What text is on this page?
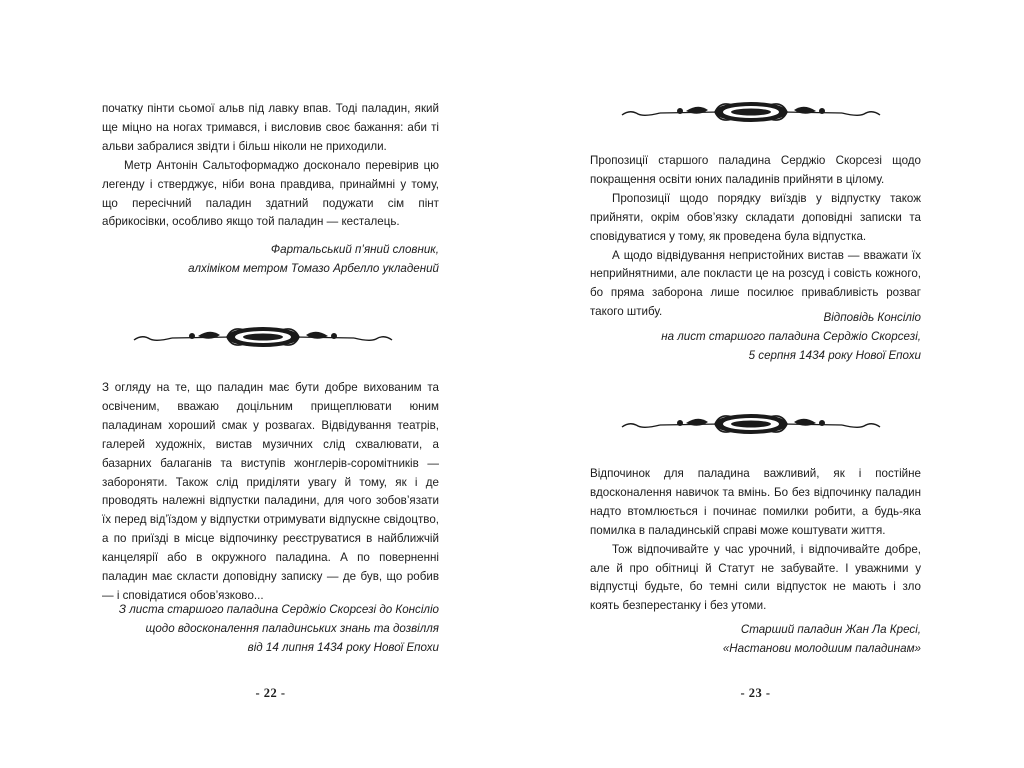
початку пінти сьомої альв під лавку впав. Тоді паладин, який ще міцно на ногах тримався, і висловив своє бажання: аби ті альви забралися звідти і більш ніколи не приходили.

Метр Антонін Сальтоформаджо досконало перевірив цю легенду і стверджує, ніби вона правдива, принаймні у тому, що пересічний паладин здатний подужати сім пінт абрикосівки, особливо якщо той паладин — кесталець.

Фартальський п’яний словник,
алхіміком метром Томазо Арбелло укладений

З огляду на те, що паладин має бути добре вихованим та освіченим, вважаю доцільним прищеплювати юним паладинам хороший смак у розвагах. Відвідування театрів, галерей художніх, вистав музичних слід схвалювати, а базарних балаганів та виступів жонглерів-соромітників — забороняти. Також слід приділяти увагу й тому, як і де проводять належні відпустки паладини, для чого зобов’язати їх перед від’їздом у відпустки отримувати відпускне свідоцтво, а по приїзді в місце відпочинку реєструватися в найближчій канцелярії або в окружного паладина. А по поверненні паладин має скласти доповідну записку — де був, що робив — і сповідатися обов’язково...

З листа старшого паладина Серджіо Скорсезі до Консіліо
щодо вдосконалення паладинських знань та дозвілля
від 14 липня 1434 року Нової Епохи

- 22 -

Пропозиції старшого паладина Серджіо Скорсезі щодо покращення освіти юних паладинів прийняти в цілому.

Пропозиції щодо порядку виїздів у відпустку також прийняти, окрім обов’язку складати доповідні записки та сповідуватися у тому, як проведена була відпустка.

А щодо відвідування непристойних вистав — вважати їх неприйнятними, але покласти це на розсуд і совість кожного, бо пряма заборона лише посилює привабливість розваг такого штибу.	Відповідь Консіліо
на лист старшого паладина Серджіо Скорсезі,
5 серпня 1434 року Нової Епохи

Відпочинок для паладина важливий, як і постійне вдосконалення навичок та вмінь. Бо без відпочинку паладин надто втомлюється і починає помилки робити, а будь-яка помилка в паладинській справі може коштувати життя.

Тож відпочивайте у час урочний, і відпочивайте добре, але й про обітниці й Статут не забувайте. І уважними у відпустці будьте, бо темні сили відпусток не мають і зло коять безперестанку і без утоми.

Старший паладин Жан Ла Кресі,
«Настанови молодшим паладинам»

- 23 -
